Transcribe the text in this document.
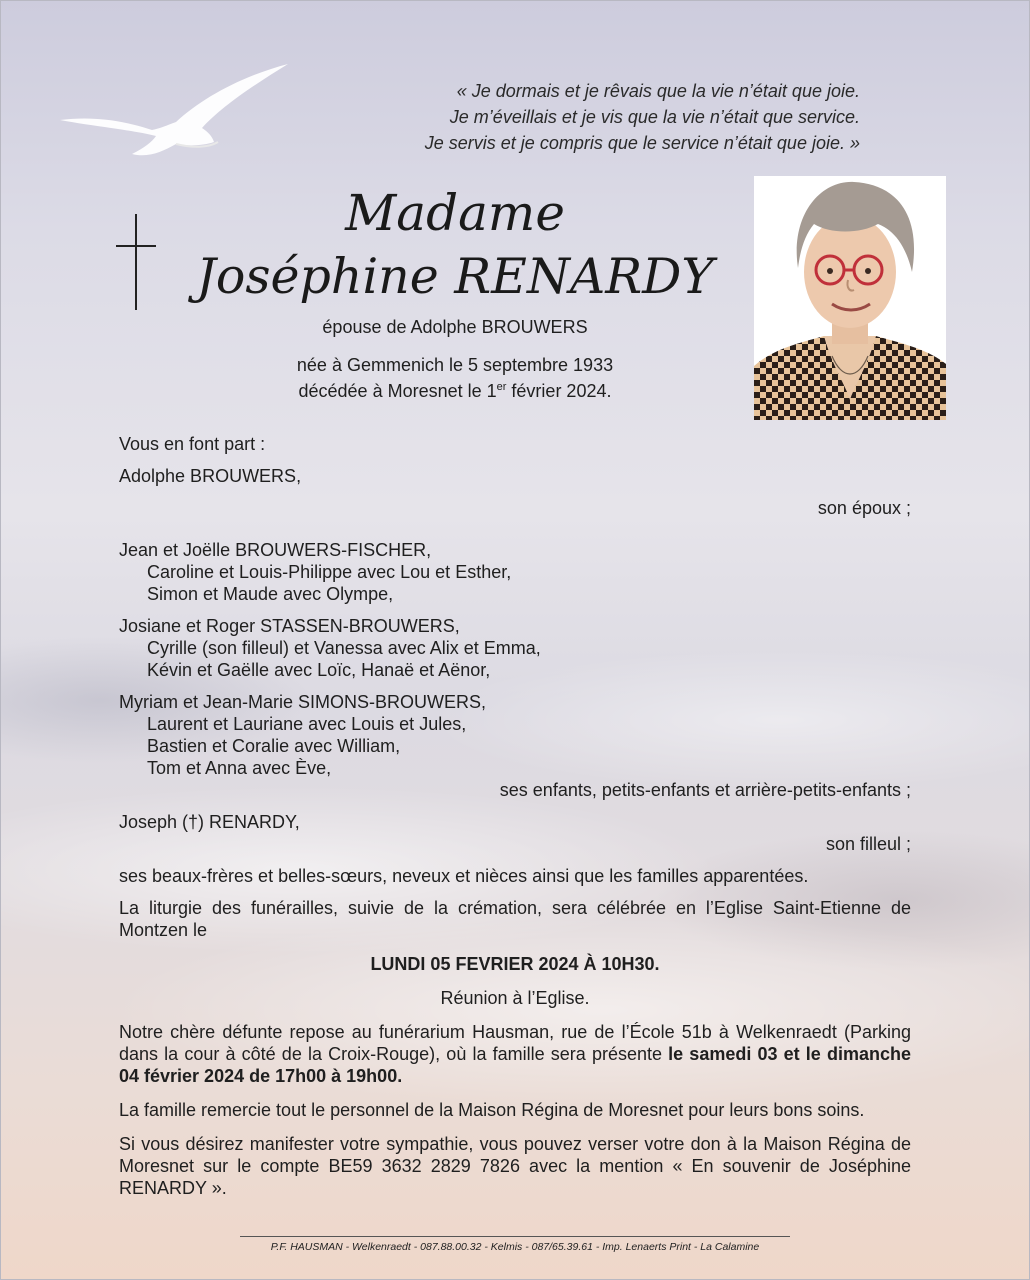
« Je dormais et je rêvais que la vie n’était que joie.
Je m’éveillais et je vis que la vie n’était que service.
Je servis et je compris que le service n’était que joie. »
Madame
Joséphine RENARDY
épouse de Adolphe BROUWERS
née à Gemmenich le 5 septembre 1933
décédée à Moresnet le 1er février 2024.
Vous en font part :
Adolphe BROUWERS,
son époux ;
Jean et Joëlle BROUWERS-FISCHER,
Caroline et Louis-Philippe avec Lou et Esther,
Simon et Maude avec Olympe,
Josiane et Roger STASSEN-BROUWERS,
Cyrille (son filleul) et Vanessa avec Alix et Emma,
Kévin et Gaëlle avec Loïc, Hanaë et Aënor,
Myriam et Jean-Marie SIMONS-BROUWERS,
Laurent et Lauriane avec Louis et Jules,
Bastien et Coralie avec William,
Tom et Anna avec Ève,
ses enfants, petits-enfants et arrière-petits-enfants ;
Joseph (†) RENARDY,
son filleul ;
ses beaux-frères et belles-sœurs, neveux et nièces ainsi que les familles apparentées.
La liturgie des funérailles, suivie de la crémation, sera célébrée en l’Eglise Saint-Etienne de Montzen le
LUNDI 05 FEVRIER 2024 À 10H30.
Réunion à l’Eglise.
Notre chère défunte repose au funérarium Hausman, rue de l’École 51b à Welkenraedt (Parking dans la cour à côté de la Croix-Rouge), où la famille sera présente le samedi 03 et le dimanche 04 février 2024 de 17h00 à 19h00.
La famille remercie tout le personnel de la Maison Régina de Moresnet pour leurs bons soins.
Si vous désirez manifester votre sympathie, vous pouvez verser votre don à la Maison Régina de Moresnet sur le compte BE59 3632 2829 7826 avec la mention « En souvenir de Joséphine RENARDY ».
P.F. HAUSMAN - Welkenraedt - 087.88.00.32 - Kelmis - 087/65.39.61 - Imp. Lenaerts Print - La Calamine
